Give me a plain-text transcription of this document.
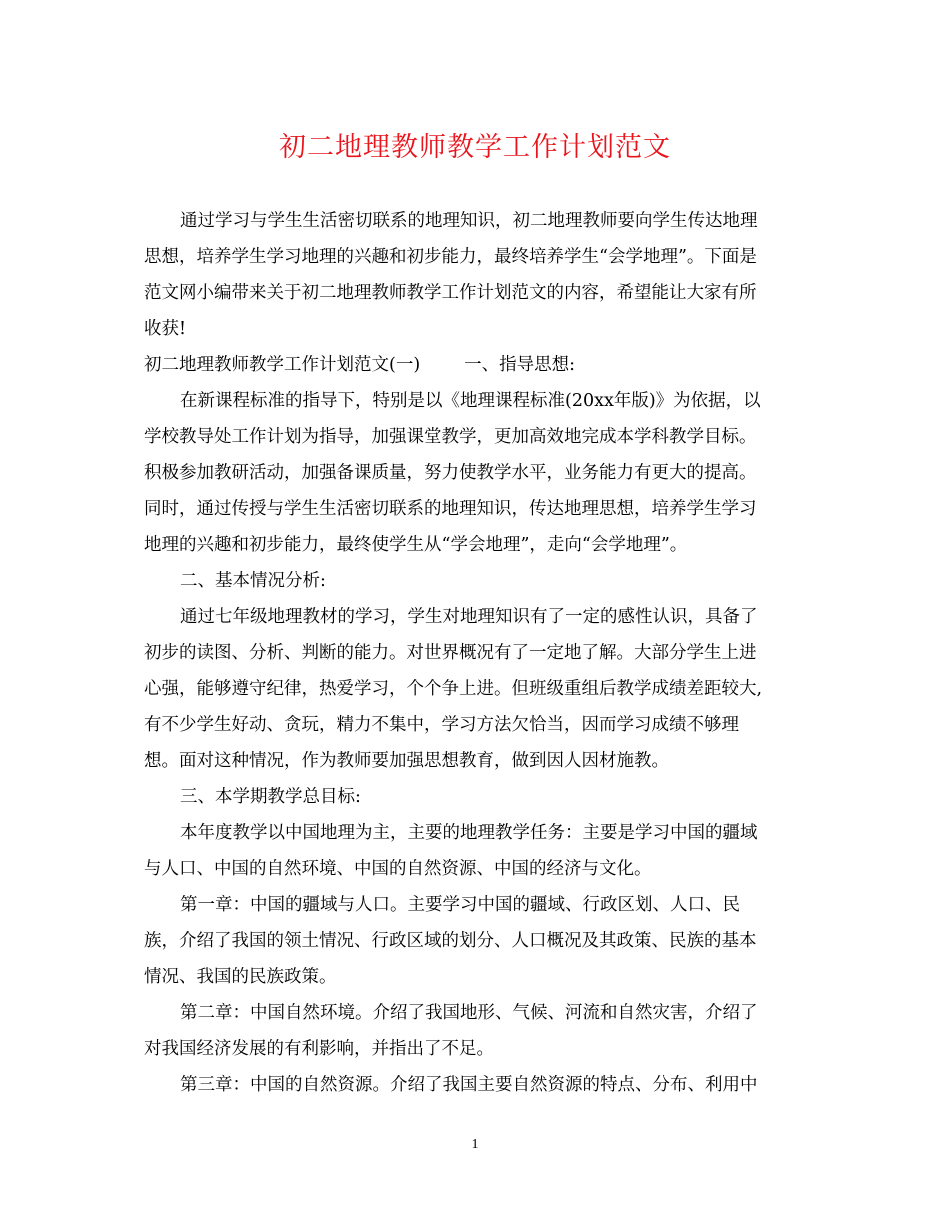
初二地理教师教学工作计划范文
通过学习与学生生活密切联系的地理知识，初二地理教师要向学生传达地理
思想，培养学生学习地理的兴趣和初步能力，最终培养学生“会学地理”。下面是
范文网小编带来关于初二地理教师教学工作计划范文的内容，希望能让大家有所
收获!
初二地理教师教学工作计划范文(一)	一、指导思想:
在新课程标准的指导下，特别是以《地理课程标准(20xx年版)》为依据，以
学校教导处工作计划为指导，加强课堂教学，更加高效地完成本学科教学目标。
积极参加教研活动，加强备课质量，努力使教学水平，业务能力有更大的提高。
同时，通过传授与学生生活密切联系的地理知识，传达地理思想，培养学生学习
地理的兴趣和初步能力，最终使学生从“学会地理”，走向“会学地理”。
二、基本情况分析:
通过七年级地理教材的学习，学生对地理知识有了一定的感性认识，具备了
初步的读图、分析、判断的能力。对世界概况有了一定地了解。大部分学生上进
心强，能够遵守纪律，热爱学习，个个争上进。但班级重组后教学成绩差距较大,
有不少学生好动、贪玩，精力不集中，学习方法欠恰当，因而学习成绩不够理
想。面对这种情况，作为教师要加强思想教育，做到因人因材施教。
三、本学期教学总目标:
本年度教学以中国地理为主，主要的地理教学任务：主要是学习中国的疆域
与人口、中国的自然环境、中国的自然资源、中国的经济与文化。
第一章：中国的疆域与人口。主要学习中国的疆域、行政区划、人口、民
族，介绍了我国的领土情况、行政区域的划分、人口概况及其政策、民族的基本
情况、我国的民族政策。
第二章：中国自然环境。介绍了我国地形、气候、河流和自然灾害，介绍了
对我国经济发展的有利影响，并指出了不足。
第三章：中国的自然资源。介绍了我国主要自然资源的特点、分布、利用中
1
